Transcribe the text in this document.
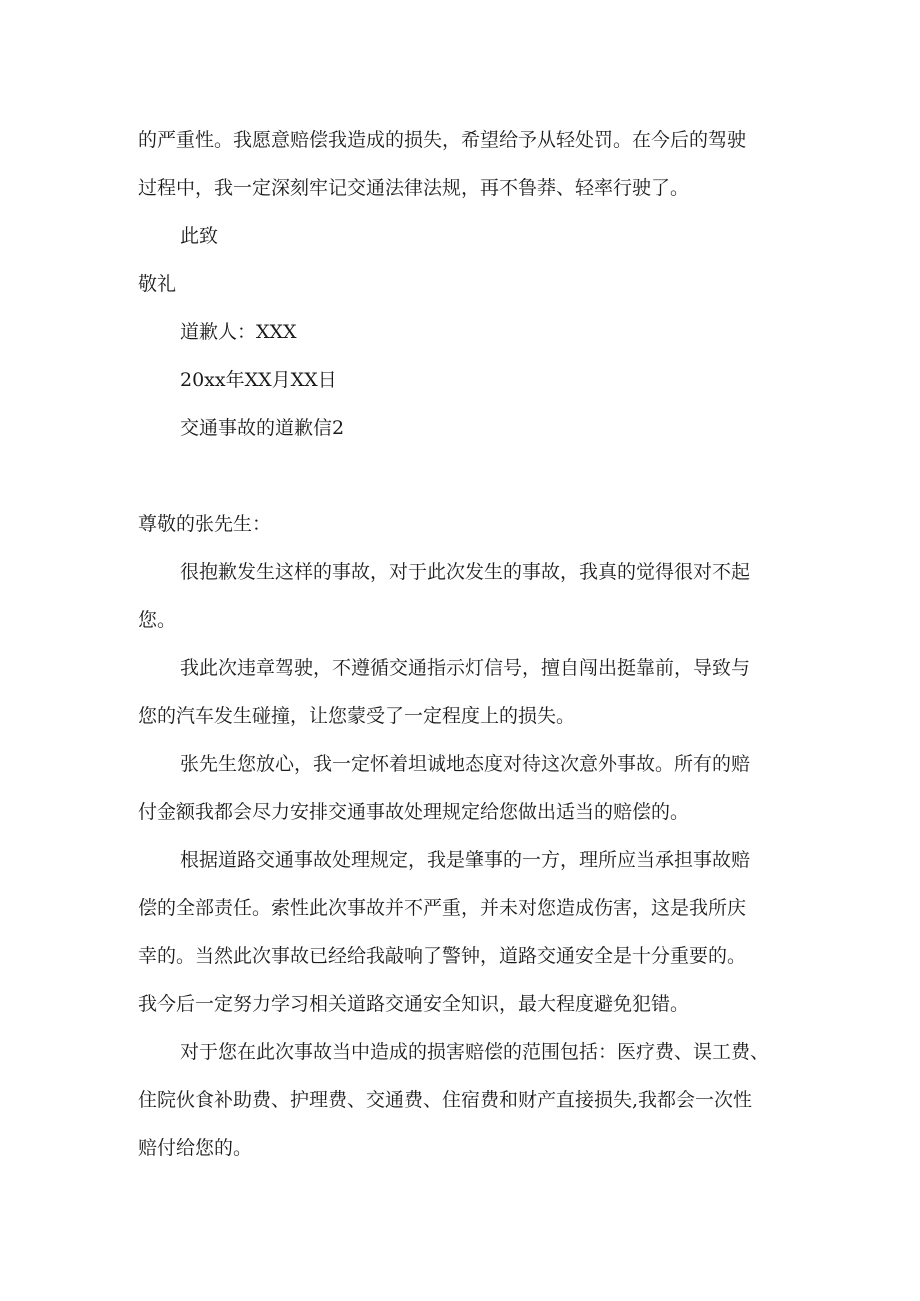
的严重性。我愿意赔偿我造成的损失，希望给予从轻处罚。在今后的驾驶
过程中，我一定深刻牢记交通法律法规，再不鲁莽、轻率行驶了。
此致
敬礼
道歉人：XXX
20xx年XX月XX日
交通事故的道歉信2
尊敬的张先生：
很抱歉发生这样的事故，对于此次发生的事故，我真的觉得很对不起
您。
我此次违章驾驶，不遵循交通指示灯信号，擅自闯出挺靠前，导致与
您的汽车发生碰撞，让您蒙受了一定程度上的损失。
张先生您放心，我一定怀着坦诚地态度对待这次意外事故。所有的赔
付金额我都会尽力安排交通事故处理规定给您做出适当的赔偿的。
根据道路交通事故处理规定，我是肇事的一方，理所应当承担事故赔
偿的全部责任。索性此次事故并不严重，并未对您造成伤害，这是我所庆
幸的。当然此次事故已经给我敲响了警钟，道路交通安全是十分重要的。
我今后一定努力学习相关道路交通安全知识，最大程度避免犯错。
对于您在此次事故当中造成的损害赔偿的范围包括：医疗费、误工费、
住院伙食补助费、护理费、交通费、住宿费和财产直接损失,我都会一次性
赔付给您的。
